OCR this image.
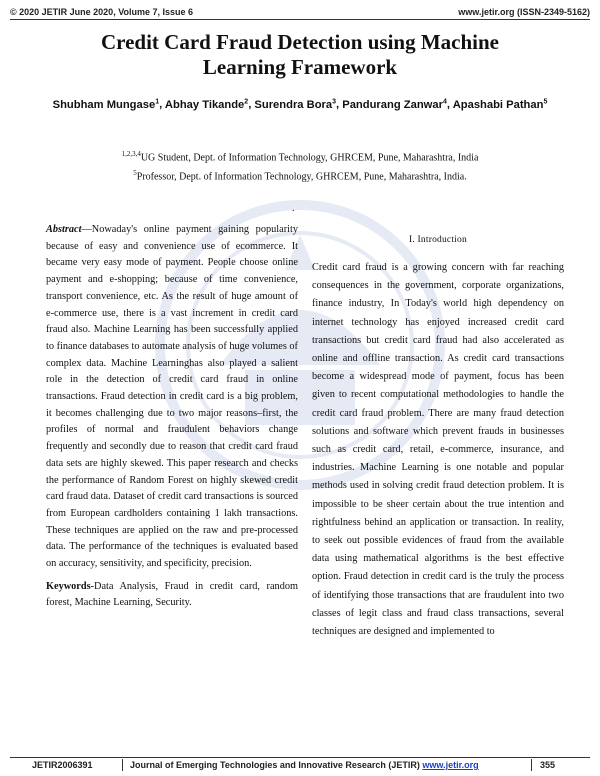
© 2020 JETIR June 2020, Volume 7, Issue 6	www.jetir.org (ISSN-2349-5162)
Credit Card Fraud Detection using Machine
Learning Framework
Shubham Mungase$^1$, Abhay Tikande$^2$, Surendra Bora$^3$, Pandurang Zanwar$^4$, Apashabi Pathan$^5$
$^{1,2,3,4}$UG Student, Dept. of Information Technology, GHRCEM, Pune, Maharashtra, India
$^5$Professor, Dept. of Information Technology, GHRCEM, Pune, Maharashtra, India.
.
Abstract—Nowaday's online payment gaining popularity because of easy and convenience use of ecommerce. It became very easy mode of payment. People choose online payment and e-shopping; because of time convenience, transport convenience, etc. As the result of huge amount of e-commerce use, there is a vast increment in credit card fraud also. Machine Learning has been successfully applied to finance databases to automate analysis of huge volumes of complex data. Machine Learninghas also played a salient role in the detection of credit card fraud in online transactions. Fraud detection in credit card is a big problem, it becomes challenging due to two major reasons–first, the profiles of normal and fraudulent behaviors change frequently and secondly due to reason that credit card fraud data sets are highly skewed. This paper research and checks the performance of Random Forest on highly skewed credit card fraud data. Dataset of credit card transactions is sourced from European cardholders containing 1 lakh transactions. These techniques are applied on the raw and pre-processed data. The performance of the techniques is evaluated based on accuracy, sensitivity, and specificity, precision.
Keywords-Data Analysis, Fraud in credit card, random forest, Machine Learning, Security.
I. Introduction
Credit card fraud is a growing concern with far reaching consequences in the government, corporate organizations, finance industry, In Today's world high dependency on internet technology has enjoyed increased credit card transactions but credit card fraud had also accelerated as online and offline transaction. As credit card transactions become a widespread mode of payment, focus has been given to recent computational methodologies to handle the credit card fraud problem. There are many fraud detection solutions and software which prevent frauds in businesses such as credit card, retail, e-commerce, insurance, and industries. Machine Learning is one notable and popular methods used in solving credit fraud detection problem. It is impossible to be sheer certain about the true intention and rightfulness behind an application or transaction. In reality, to seek out possible evidences of fraud from the available data using mathematical algorithms is the best effective option. Fraud detection in credit card is the truly the process of identifying those transactions that are fraudulent into two classes of legit class and fraud class transactions, several techniques are designed and implemented to
JETIR2006391	Journal of Emerging Technologies and Innovative Research (JETIR) www.jetir.org	355
